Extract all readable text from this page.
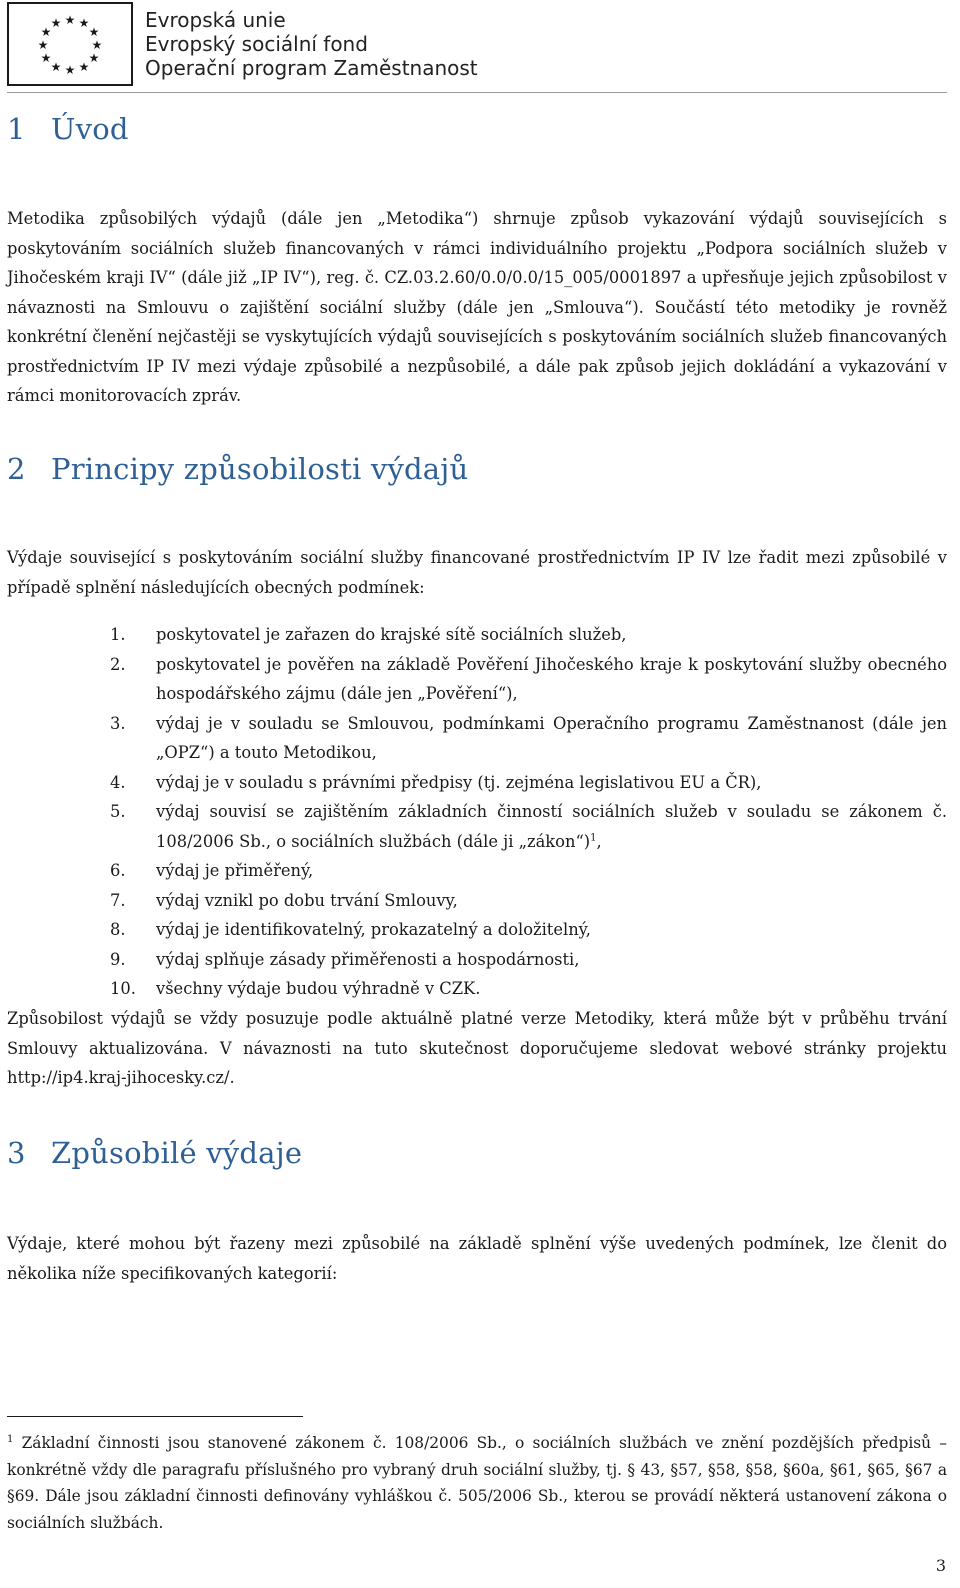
★ ★
★
★
★
★
★
★
★
★
★
★	Evropská unie
Evropský sociální fond
Operační program Zaměstnanost
1 Úvod

Metodika způsobilých výdajů (dále jen „Metodika“) shrnuje způsob vykazování výdajů souvisejících s poskytováním sociálních služeb financovaných v rámci individuálního projektu „Podpora sociálních služeb v Jihočeském kraji IV“ (dále již „IP IV“), reg. č. CZ.03.2.60/0.0/0.0/15_005/0001897 a upřesňuje jejich způsobilost v návaznosti na Smlouvu o zajištění sociální služby (dále jen „Smlouva“). Součástí této metodiky je rovněž konkrétní členění nejčastěji se vyskytujících výdajů souvisejících s poskytováním sociálních služeb financovaných prostřednictvím IP IV mezi výdaje způsobilé a nezpůsobilé, a dále pak způsob jejich dokládání a vykazování v rámci monitorovacích zpráv.

2 Principy způsobilosti výdajů

Výdaje související s poskytováním sociální služby financované prostřednictvím IP IV lze řadit mezi způsobilé v případě splnění následujících obecných podmínek:

1. poskytovatel je zařazen do krajské sítě sociálních služeb,
2. poskytovatel je pověřen na základě Pověření Jihočeského kraje k poskytování služby obecného hospodářského zájmu (dále jen „Pověření“),
3. výdaj je v souladu se Smlouvou, podmínkami Operačního programu Zaměstnanost (dále jen „OPZ“) a touto Metodikou,
4. výdaj je v souladu s právními předpisy (tj. zejména legislativou EU a ČR),
5. výdaj souvisí se zajištěním základních činností sociálních služeb v souladu se zákonem č. 108/2006 Sb., o sociálních službách (dále ji „zákon“)$^1$,
6. výdaj je přiměřený,
7. výdaj vznikl po dobu trvání Smlouvy,
8. výdaj je identifikovatelný, prokazatelný a doložitelný,
9. výdaj splňuje zásady přiměřenosti a hospodárnosti,
10. všechny výdaje budou výhradně v CZK.

Způsobilost výdajů se vždy posuzuje podle aktuálně platné verze Metodiky, která může být v průběhu trvání Smlouvy aktualizována. V návaznosti na tuto skutečnost doporučujeme sledovat webové stránky projektu http://ip4.kraj-jihocesky.cz/.

3 Způsobilé výdaje

Výdaje, které mohou být řazeny mezi způsobilé na základě splnění výše uvedených podmínek, lze členit do několika níže specifikovaných kategorií:

$^1$ Základní činnosti jsou stanovené zákonem č. 108/2006 Sb., o sociálních službách ve znění pozdějších předpisů – konkrétně vždy dle paragrafu příslušného pro vybraný druh sociální služby, tj. § 43, §57, §58, §58, §60a, §61, §65, §67 a §69. Dále jsou základní činnosti definovány vyhláškou č. 505/2006 Sb., kterou se provádí některá ustanovení zákona o sociálních službách.

3
